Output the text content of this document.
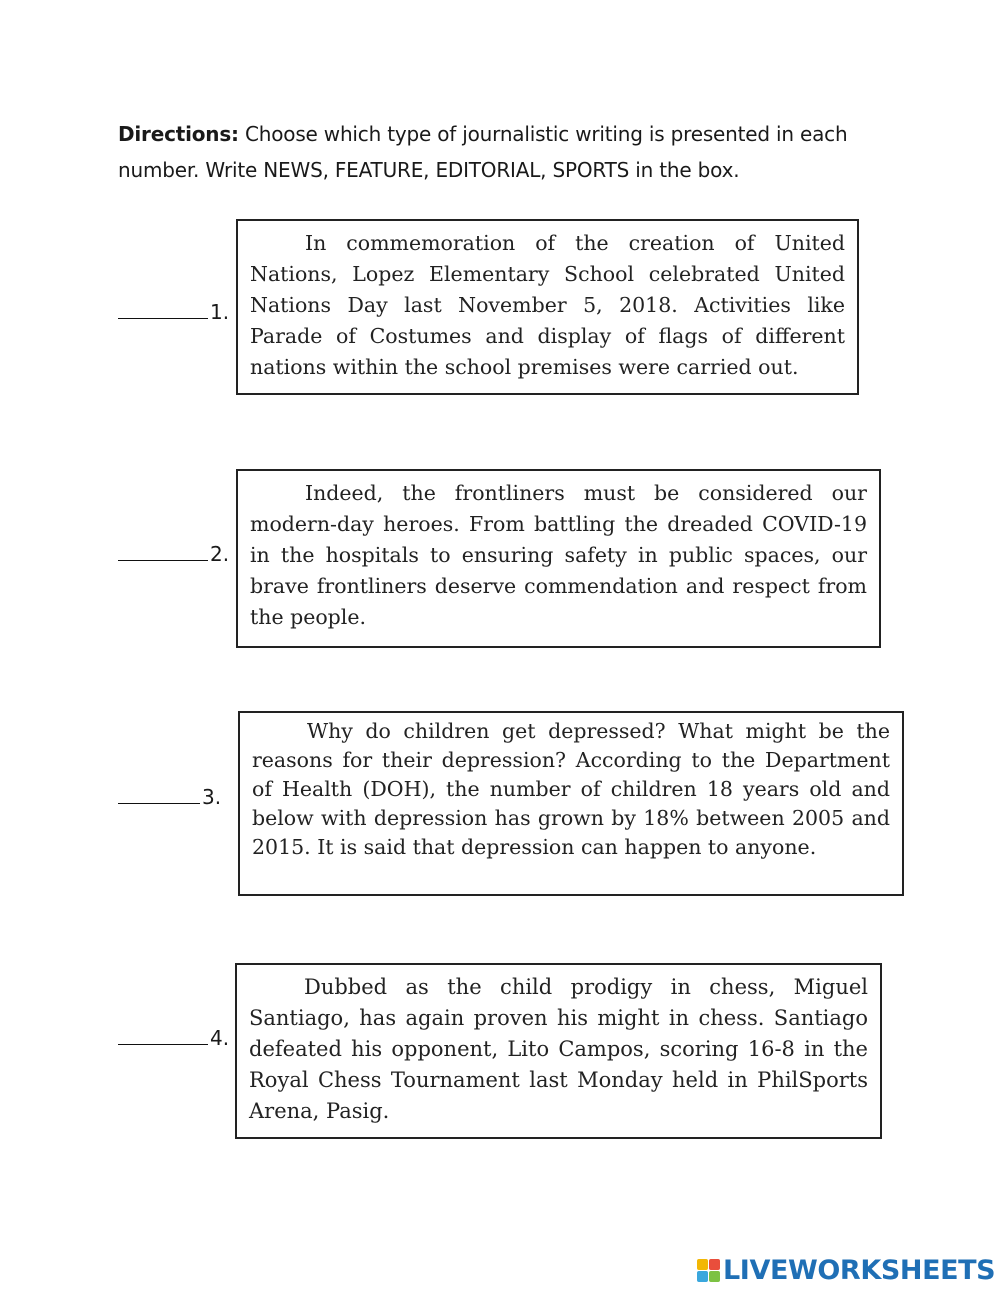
Directions: Choose which type of journalistic writing is presented in each number. Write NEWS, FEATURE, EDITORIAL, SPORTS in the box.
1.

In commemoration of the creation of United Nations, Lopez Elementary School celebrated United Nations Day last November 5, 2018. Activities like Parade of Costumes and display of flags of different nations within the school premises were carried out.

2.

Indeed, the frontliners must be considered our modern-day heroes. From battling the dreaded COVID-19 in the hospitals to ensuring safety in public spaces, our brave frontliners deserve commendation and respect from the people.

3.

Why do children get depressed? What might be the reasons for their depression? According to the Department of Health (DOH), the number of children 18 years old and below with depression has grown by 18% between 2005 and 2015. It is said that depression can happen to anyone.

4.

Dubbed as the child prodigy in chess, Miguel Santiago, has again proven his might in chess. Santiago defeated his opponent, Lito Campos, scoring 16-8 in the Royal Chess Tournament last Monday held in PhilSports Arena, Pasig.

LIVEWORKSHEETS
